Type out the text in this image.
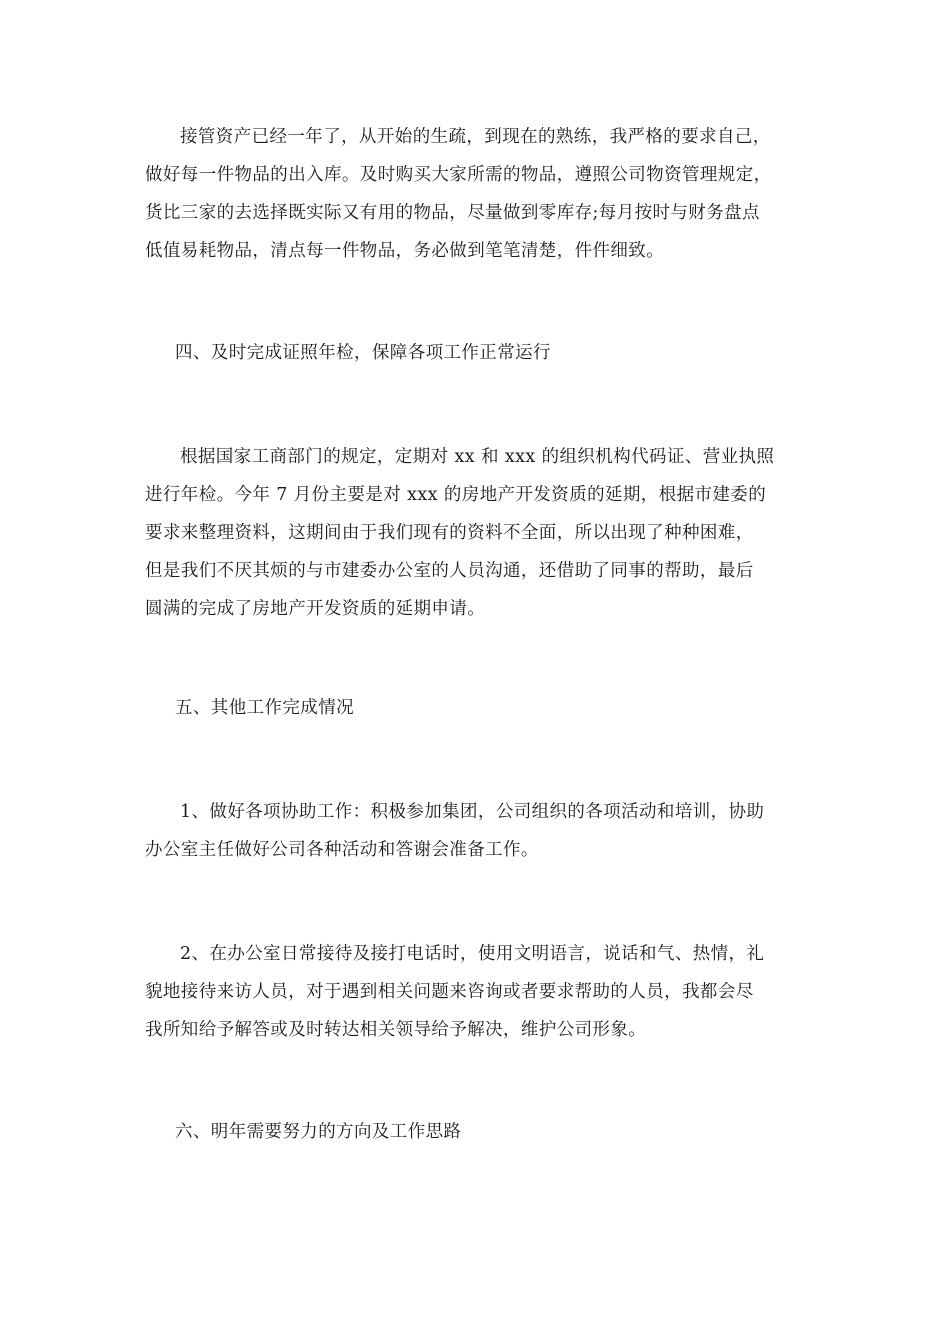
接管资产已经一年了，从开始的生疏，到现在的熟练，我严格的要求自己，
做好每一件物品的出入库。及时购买大家所需的物品，遵照公司物资管理规定，
货比三家的去选择既实际又有用的物品，尽量做到零库存;每月按时与财务盘点
低值易耗物品，清点每一件物品，务必做到笔笔清楚，件件细致。
四、及时完成证照年检，保障各项工作正常运行
根据国家工商部门的规定，定期对 xx 和 xxx 的组织机构代码证、营业执照
进行年检。今年 7 月份主要是对 xxx 的房地产开发资质的延期，根据市建委的
要求来整理资料，这期间由于我们现有的资料不全面，所以出现了种种困难，
但是我们不厌其烦的与市建委办公室的人员沟通，还借助了同事的帮助，最后
圆满的完成了房地产开发资质的延期申请。
五、其他工作完成情况
1、做好各项协助工作：积极参加集团，公司组织的各项活动和培训，协助
办公室主任做好公司各种活动和答谢会准备工作。
2、在办公室日常接待及接打电话时，使用文明语言，说话和气、热情，礼
貌地接待来访人员，对于遇到相关问题来咨询或者要求帮助的人员，我都会尽
我所知给予解答或及时转达相关领导给予解决，维护公司形象。
六、明年需要努力的方向及工作思路
